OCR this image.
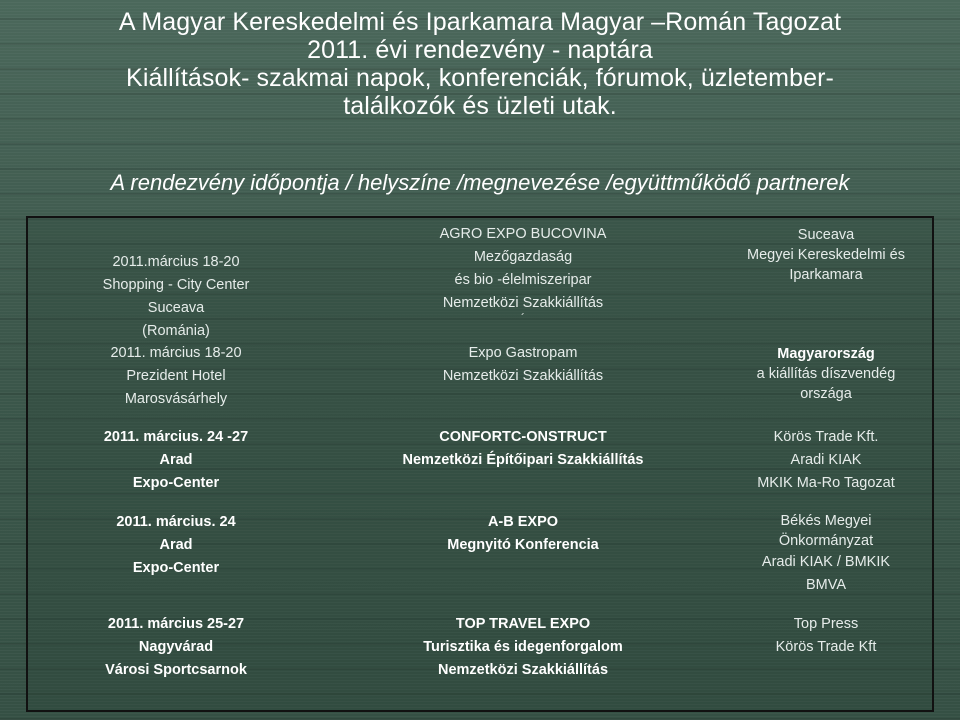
A Magyar Kereskedelmi és Iparkamara Magyar –Román Tagozat

2011. évi rendezvény - naptára

Kiállítások- szakmai napok, konferenciák, fórumok, üzletember-

találkozók és üzleti utak.

A rendezvény időpontja / helyszíne /megnevezése /együttműködő partnerek
2011.március 18-20
Shopping - City Center
Suceava
(Románia)
AGRO EXPO BUCOVINA
Mezőgazdaság
és bio -élelmiszeripar
Nemzetközi Szakkiállítás
´
Suceava
Megyei Kereskedelmi és
Iparkamara
2011. március 18-20
Prezident Hotel
Marosvásárhely
Expo Gastropam
Nemzetközi Szakkiállítás
Magyarország
a kiállítás díszvendég
országa
2011. március. 24 -27
Arad
Expo-Center
CONFORTC-ONSTRUCT
Nemzetközi Építőipari Szakkiállítás
Körös Trade Kft.
Aradi KIAK
MKIK Ma-Ro Tagozat
2011. március. 24
Arad
Expo-Center
A-B EXPO
Megnyitó Konferencia
Békés Megyei
Önkormányzat
Aradi KIAK / BMKIK
BMVA
2011. március 25-27
Nagyvárad
Városi Sportcsarnok
TOP TRAVEL EXPO
Turisztika és idegenforgalom
Nemzetközi Szakkiállítás
Top Press
Körös Trade Kft
